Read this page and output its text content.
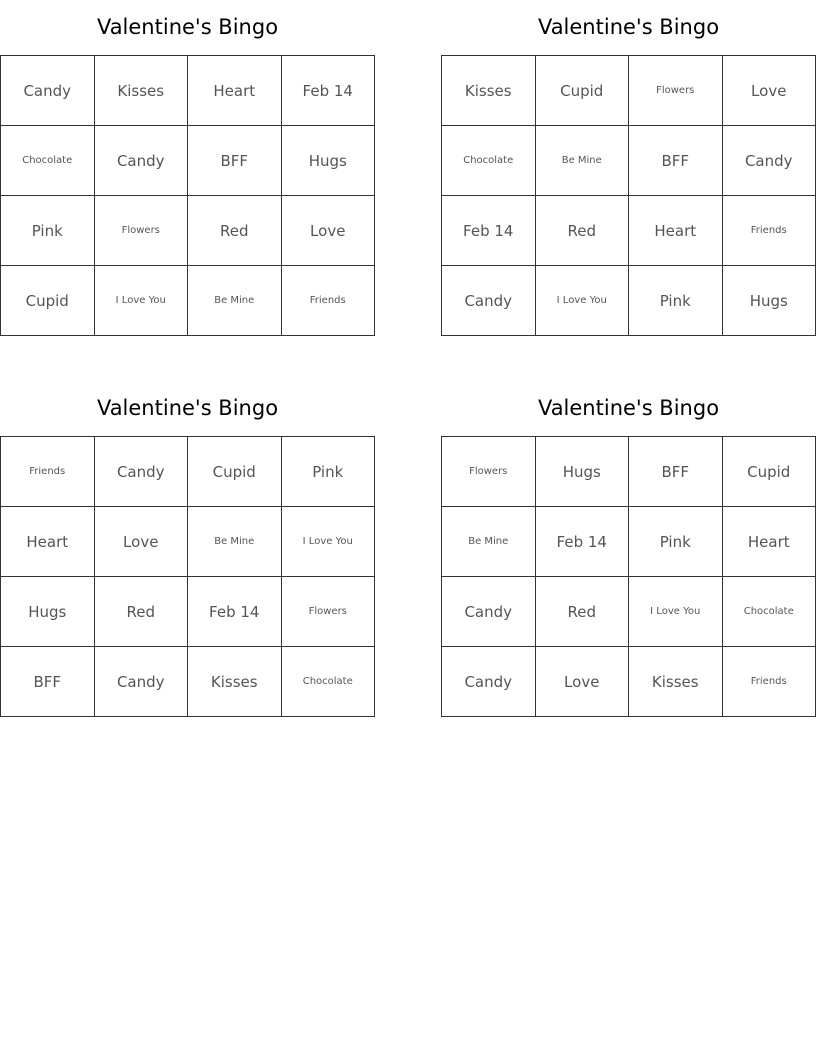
Valentine's Bingo
Candy	Kisses	Heart	Feb 14
Chocolate	Candy	BFF	Hugs
Pink	Flowers	Red	Love
Cupid	I Love You	Be Mine	Friends
Valentine's Bingo
Kisses	Cupid	Flowers	Love
Chocolate	Be Mine	BFF	Candy
Feb 14	Red	Heart	Friends
Candy	I Love You	Pink	Hugs
Valentine's Bingo
Friends	Candy	Cupid	Pink
Heart	Love	Be Mine	I Love You
Hugs	Red	Feb 14	Flowers
BFF	Candy	Kisses	Chocolate
Valentine's Bingo
Flowers	Hugs	BFF	Cupid
Be Mine	Feb 14	Pink	Heart
Candy	Red	I Love You	Chocolate
Candy	Love	Kisses	Friends
